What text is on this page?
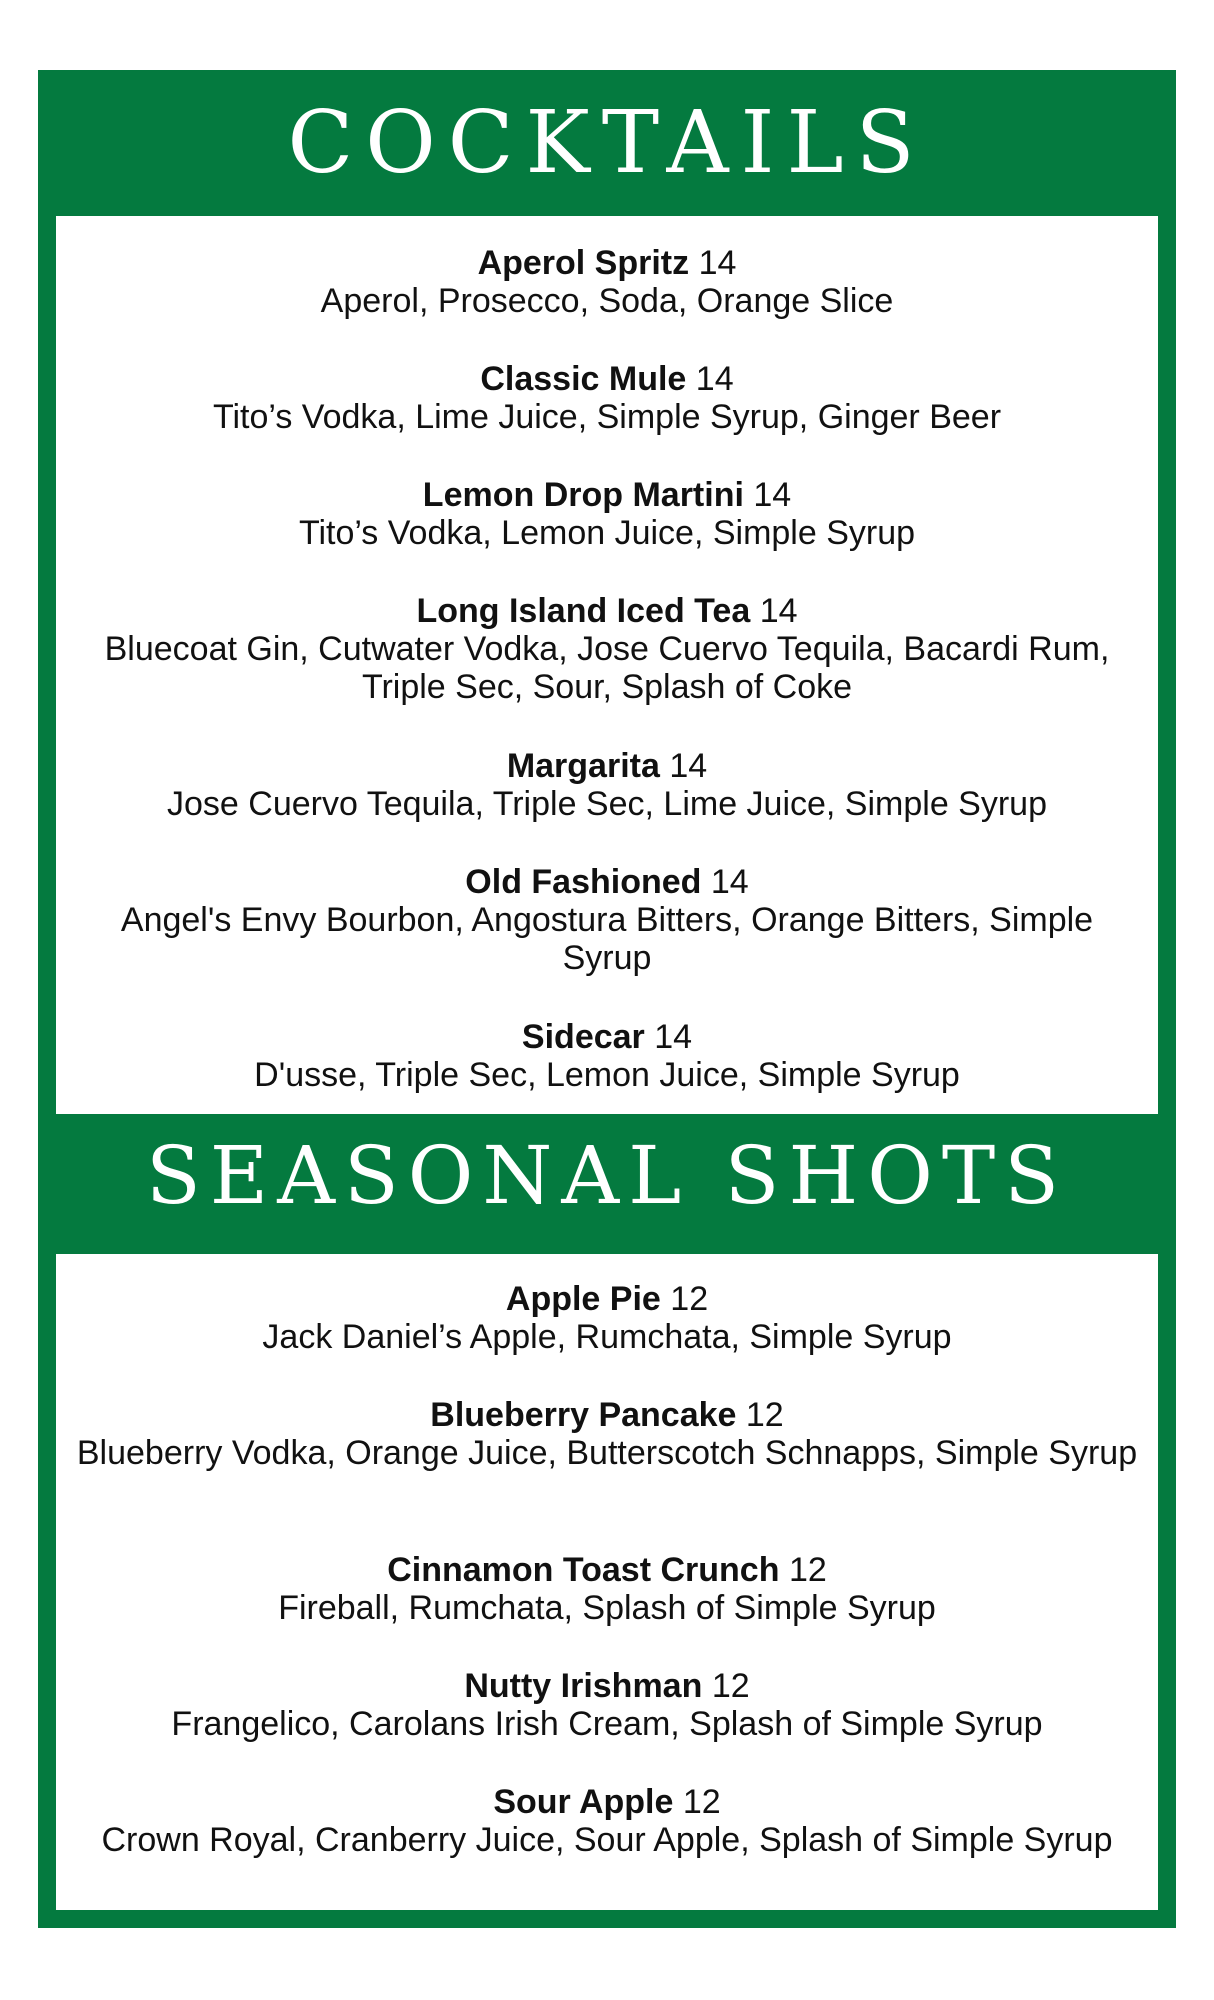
COCKTAILS
Aperol Spritz 14
Aperol, Prosecco, Soda, Orange Slice
Classic Mule 14
Tito’s Vodka, Lime Juice, Simple Syrup, Ginger Beer
Lemon Drop Martini 14
Tito’s Vodka, Lemon Juice, Simple Syrup
Long Island Iced Tea 14
Bluecoat Gin, Cutwater Vodka, Jose Cuervo Tequila, Bacardi Rum, Triple Sec, Sour, Splash of Coke
Margarita 14
Jose Cuervo Tequila, Triple Sec, Lime Juice, Simple Syrup
Old Fashioned 14
Angel's Envy Bourbon, Angostura Bitters, Orange Bitters, Simple Syrup
Sidecar 14
D'usse, Triple Sec, Lemon Juice, Simple Syrup
SEASONAL SHOTS
Apple Pie 12
Jack Daniel’s Apple, Rumchata, Simple Syrup
Blueberry Pancake 12
Blueberry Vodka, Orange Juice, Butterscotch Schnapps, Simple Syrup
Cinnamon Toast Crunch 12
Fireball, Rumchata, Splash of Simple Syrup
Nutty Irishman 12
Frangelico, Carolans Irish Cream, Splash of Simple Syrup
Sour Apple 12
Crown Royal, Cranberry Juice, Sour Apple, Splash of Simple Syrup
